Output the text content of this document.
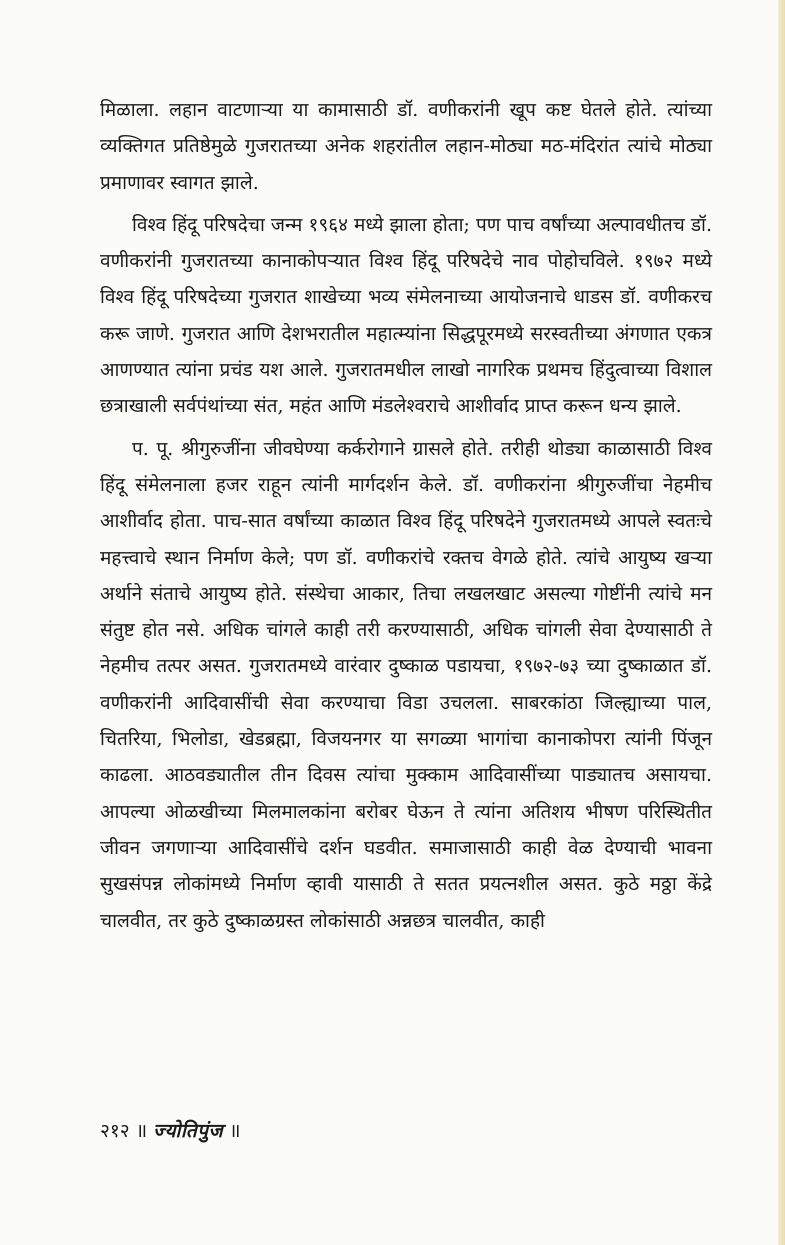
मिळाला. लहान वाटणाऱ्या या कामासाठी डॉ. वणीकरांनी खूप कष्ट घेतले होते. त्यांच्या व्यक्तिगत प्रतिष्ठेमुळे गुजरातच्या अनेक शहरांतील लहान-मोठ्या मठ-मंदिरांत त्यांचे मोठ्या प्रमाणावर स्वागत झाले.

विश्व हिंदू परिषदेचा जन्म १९६४ मध्ये झाला होता; पण पाच वर्षांच्या अल्पावधीतच डॉ. वणीकरांनी गुजरातच्या कानाकोपऱ्यात विश्व हिंदू परिषदेचे नाव पोहोचविले. १९७२ मध्ये विश्व हिंदू परिषदेच्या गुजरात शाखेच्या भव्य संमेलनाच्या आयोजनाचे धाडस डॉ. वणीकरच करू जाणे. गुजरात आणि देशभरातील महात्म्यांना सिद्धपूरमध्ये सरस्वतीच्या अंगणात एकत्र आणण्यात त्यांना प्रचंड यश आले. गुजरातमधील लाखो नागरिक प्रथमच हिंदुत्वाच्या विशाल छत्राखाली सर्वपंथांच्या संत, महंत आणि मंडलेश्वराचे आशीर्वाद प्राप्त करून धन्य झाले.

प. पू. श्रीगुरुजींना जीवघेण्या कर्करोगाने ग्रासले होते. तरीही थोड्या काळासाठी विश्व हिंदू संमेलनाला हजर राहून त्यांनी मार्गदर्शन केले. डॉ. वणीकरांना श्रीगुरुजींचा नेहमीच आशीर्वाद होता. पाच-सात वर्षांच्या काळात विश्व हिंदू परिषदेने गुजरातमध्ये आपले स्वतःचे महत्त्वाचे स्थान निर्माण केले; पण डॉ. वणीकरांचे रक्तच वेगळे होते. त्यांचे आयुष्य खऱ्या अर्थाने संताचे आयुष्य होते. संस्थेचा आकार, तिचा लखलखाट असल्या गोष्टींनी त्यांचे मन संतुष्ट होत नसे. अधिक चांगले काही तरी करण्यासाठी, अधिक चांगली सेवा देण्यासाठी ते नेहमीच तत्पर असत. गुजरातमध्ये वारंवार दुष्काळ पडायचा, १९७२-७३ च्या दुष्काळात डॉ. वणीकरांनी आदिवासींची सेवा करण्याचा विडा उचलला. साबरकांठा जिल्ह्याच्या पाल, चितरिया, भिलोडा, खेडब्रह्मा, विजयनगर या सगळ्या भागांचा कानाकोपरा त्यांनी पिंजून काढला. आठवड्यातील तीन दिवस त्यांचा मुक्काम आदिवासींच्या पाड्यातच असायचा. आपल्या ओळखीच्या मिलमालकांना बरोबर घेऊन ते त्यांना अतिशय भीषण परिस्थितीत जीवन जगणाऱ्या आदिवासींचे दर्शन घडवीत. समाजासाठी काही वेळ देण्याची भावना सुखसंपन्न लोकांमध्ये निर्माण व्हावी यासाठी ते सतत प्रयत्नशील असत. कुठे मठ्ठा केंद्रे चालवीत, तर कुठे दुष्काळग्रस्त लोकांसाठी अन्नछत्र चालवीत, काही

२१२ ॥ ज्योतिपुंज ॥
